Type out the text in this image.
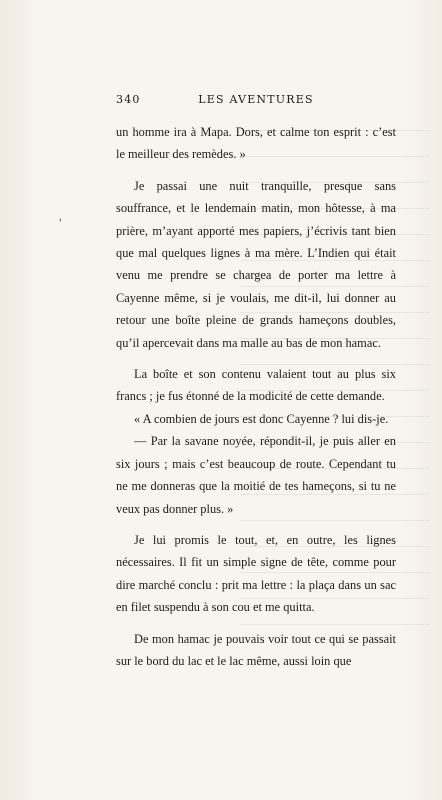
340	LES AVENTURES
’

un homme ira à Mapa. Dors, et calme ton esprit : c’est le meilleur des remèdes. »

Je passai une nuit tranquille, presque sans souffrance, et le lendemain matin, mon hôtesse, à ma prière, m’ayant apporté mes papiers, j’écrivis tant bien que mal quelques lignes à ma mère. L’Indien qui était venu me prendre se chargea de porter ma lettre à Cayenne même, si je voulais, me dit-il, lui donner au retour une boîte pleine de grands hameçons doubles, qu’il apercevait dans ma malle au bas de mon hamac.

La boîte et son contenu valaient tout au plus six francs ; je fus étonné de la modicité de cette demande.

« A combien de jours est donc Cayenne ? lui dis-je.

— Par la savane noyée, répondit-il, je puis aller en six jours ; mais c’est beaucoup de route. Cependant tu ne me donneras que la moitié de tes hameçons, si tu ne veux pas donner plus. »

Je lui promis le tout, et, en outre, les lignes nécessaires. Il fit un simple signe de tête, comme pour dire marché conclu : prit ma lettre : la plaça dans un sac en filet suspendu à son cou et me quitta.

De mon hamac je pouvais voir tout ce qui se passait sur le bord du lac et le lac même, aussi loin que
